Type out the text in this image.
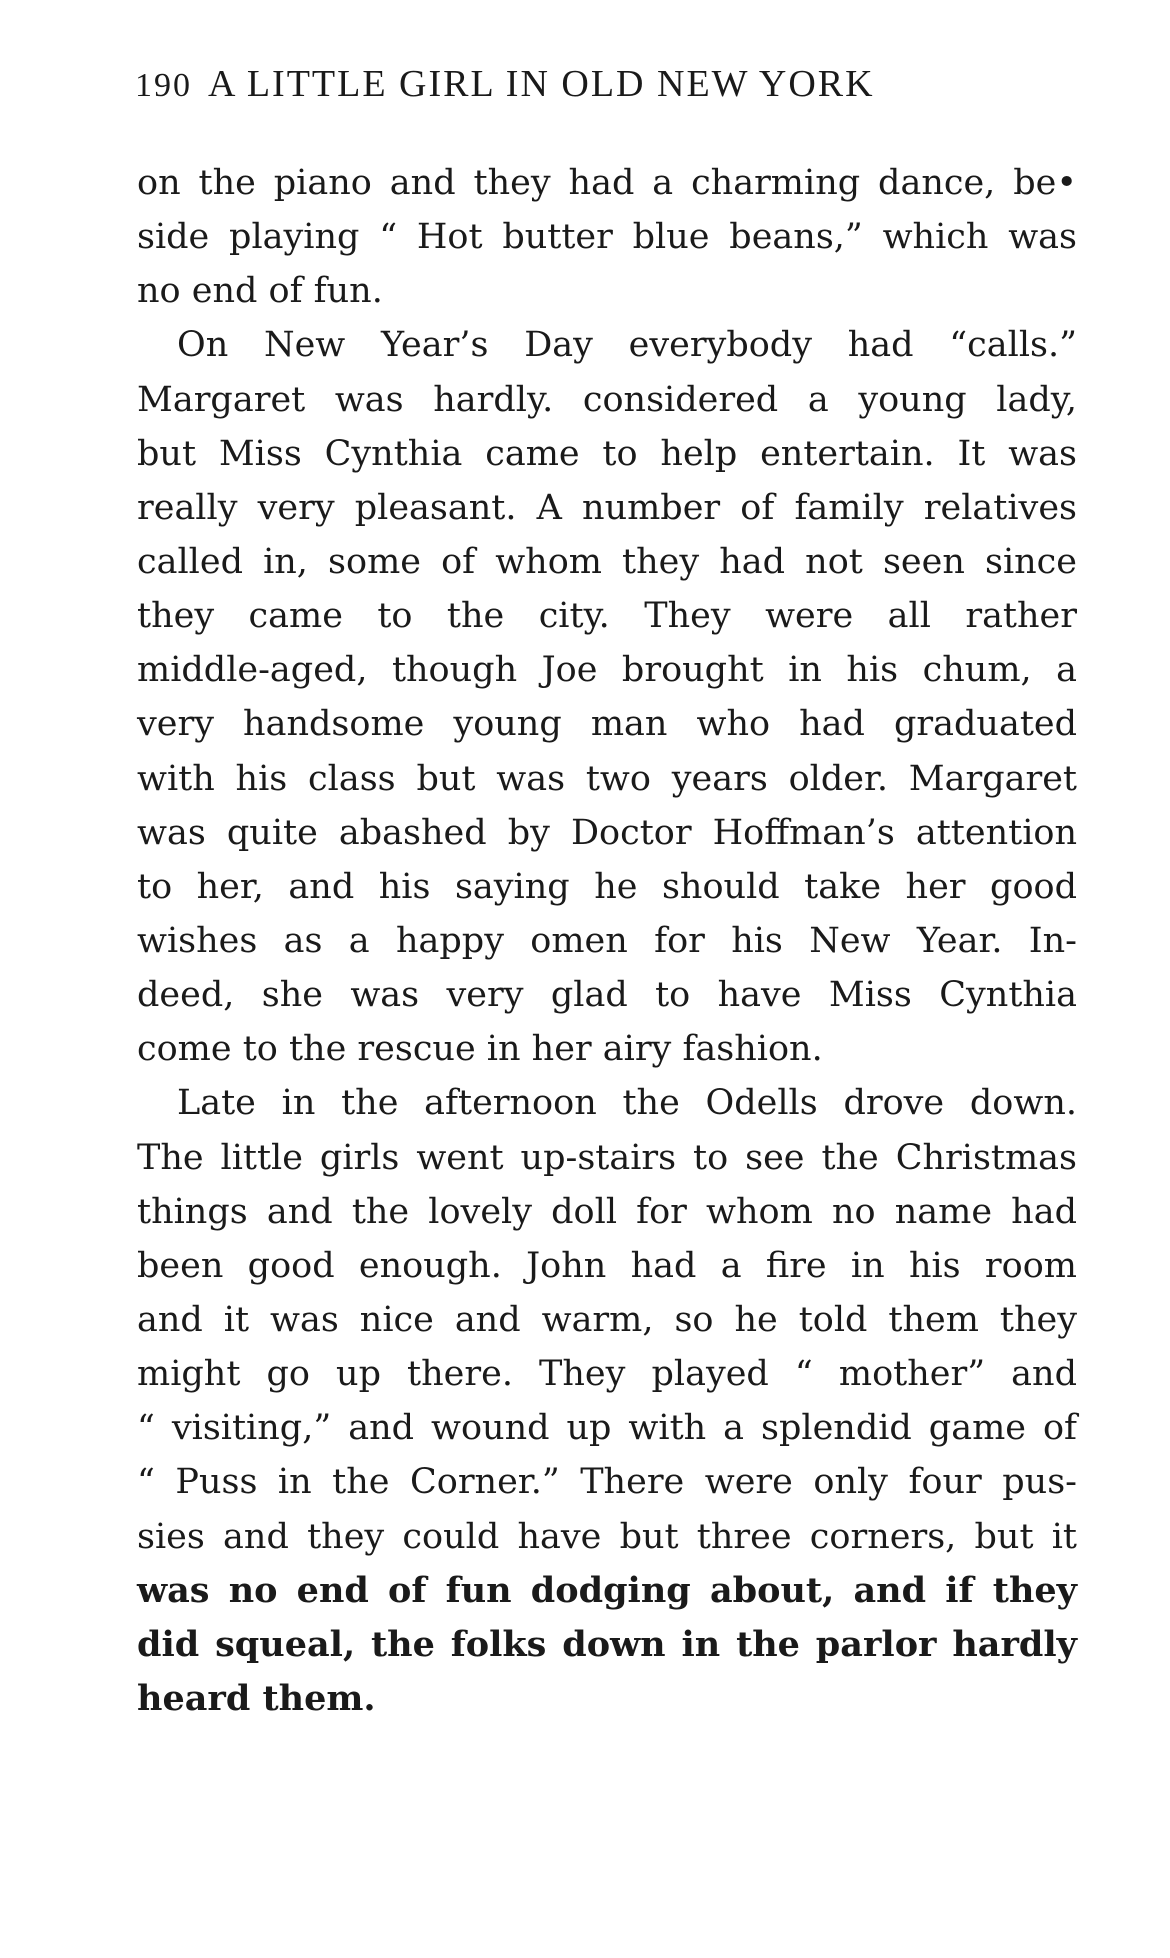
190 A LITTLE GIRL IN OLD NEW YORK
on the piano and they had a charming dance, be•
side playing “ Hot butter blue beans,” which was
no end of fun.
On New Year’s Day everybody had “calls.”
Margaret was hardly. considered a young lady,
but Miss Cynthia came to help entertain. It was
really very pleasant. A number of family relatives
called in, some of whom they had not seen since
they came to the city. They were all rather
middle-aged, though Joe brought in his chum, a
very handsome young man who had graduated
with his class but was two years older. Margaret
was quite abashed by Doctor Hoffman’s attention
to her, and his saying he should take her good
wishes as a happy omen for his New Year. In-
deed, she was very glad to have Miss Cynthia
come to the rescue in her airy fashion.
Late in the afternoon the Odells drove down.
The little girls went up-stairs to see the Christmas
things and the lovely doll for whom no name had
been good enough. John had a fire in his room
and it was nice and warm, so he told them they
might go up there. They played “ mother” and
“ visiting,” and wound up with a splendid game of
“ Puss in the Corner.” There were only four pus-
sies and they could have but three corners, but it
was no end of fun dodging about, and if they
did squeal, the folks down in the parlor hardly
heard them.
